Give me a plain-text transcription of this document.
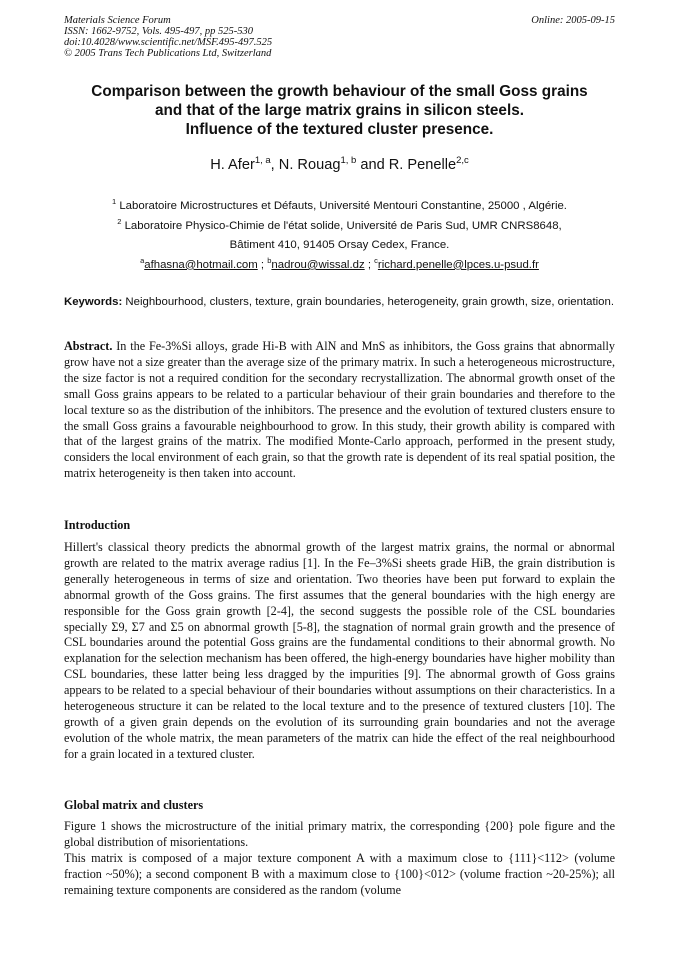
Materials Science Forum
ISSN: 1662-9752, Vols. 495-497, pp 525-530
doi:10.4028/www.scientific.net/MSF.495-497.525
© 2005 Trans Tech Publications Ltd, Switzerland
Online: 2005-09-15
Comparison between the growth behaviour of the small Goss grains
and that of the large matrix grains in silicon steels.
Influence of the textured cluster presence.
H. Afer$^{1, a}$, N. Rouag$^{1, b}$ and R. Penelle$^{2,c}$
$^1$ Laboratoire Microstructures et Défauts, Université Mentouri Constantine, 25000 , Algérie.
$^2$ Laboratoire Physico-Chimie de l'état solide, Université de Paris Sud, UMR CNRS8648,
Bâtiment 410, 91405 Orsay Cedex, France.
$^a$afhasna@hotmail.com ; $^b$nadrou@wissal.dz ; $^c$richard.penelle@lpces.u-psud.fr
Keywords: Neighbourhood, clusters, texture, grain boundaries, heterogeneity, grain growth, size, orientation.
Abstract. In the Fe-3%Si alloys, grade Hi-B with AlN and MnS as inhibitors, the Goss grains that abnormally grow have not a size greater than the average size of the primary matrix. In such a heterogeneous microstructure, the size factor is not a required condition for the secondary recrystallization. The abnormal growth onset of the small Goss grains appears to be related to a particular behaviour of their grain boundaries and therefore to the local texture so as the distribution of the inhibitors. The presence and the evolution of textured clusters ensure to the small Goss grains a favourable neighbourhood to grow. In this study, their growth ability is compared with that of the largest grains of the matrix. The modified Monte-Carlo approach, performed in the present study, considers the local environment of each grain, so that the growth rate is dependent of its real spatial position, the matrix heterogeneity is then taken into account.
Introduction
Hillert's classical theory predicts the abnormal growth of the largest matrix grains, the normal or abnormal growth are related to the matrix average radius [1]. In the Fe–3%Si sheets grade HiB, the grain distribution is generally heterogeneous in terms of size and orientation. Two theories have been put forward to explain the abnormal growth of the Goss grains. The first assumes that the general boundaries with the high energy are responsible for the Goss grain growth [2-4], the second suggests the possible role of the CSL boundaries specially Σ9, Σ7 and Σ5 on abnormal growth [5-8], the stagnation of normal grain growth and the presence of CSL boundaries around the potential Goss grains are the fundamental conditions to their abnormal growth. No explanation for the selection mechanism has been offered, the high-energy boundaries have higher mobility than CSL boundaries, these latter being less dragged by the impurities [9]. The abnormal growth of Goss grains appears to be related to a special behaviour of their boundaries without assumptions on their characteristics. In a heterogeneous structure it can be related to the local texture and to the presence of textured clusters [10]. The growth of a given grain depends on the evolution of its surrounding grain boundaries and not the average evolution of the whole matrix, the mean parameters of the matrix can hide the effect of the real neighbourhood for a grain located in a textured cluster.
Global matrix and clusters
Figure 1 shows the microstructure of the initial primary matrix, the corresponding {200} pole figure and the global distribution of misorientations.
This matrix is composed of a major texture component A with a maximum close to {111}<112> (volume fraction ~50%); a second component B with a maximum close to {100}<012> (volume fraction ~20-25%); all remaining texture components are considered as the random (volume
